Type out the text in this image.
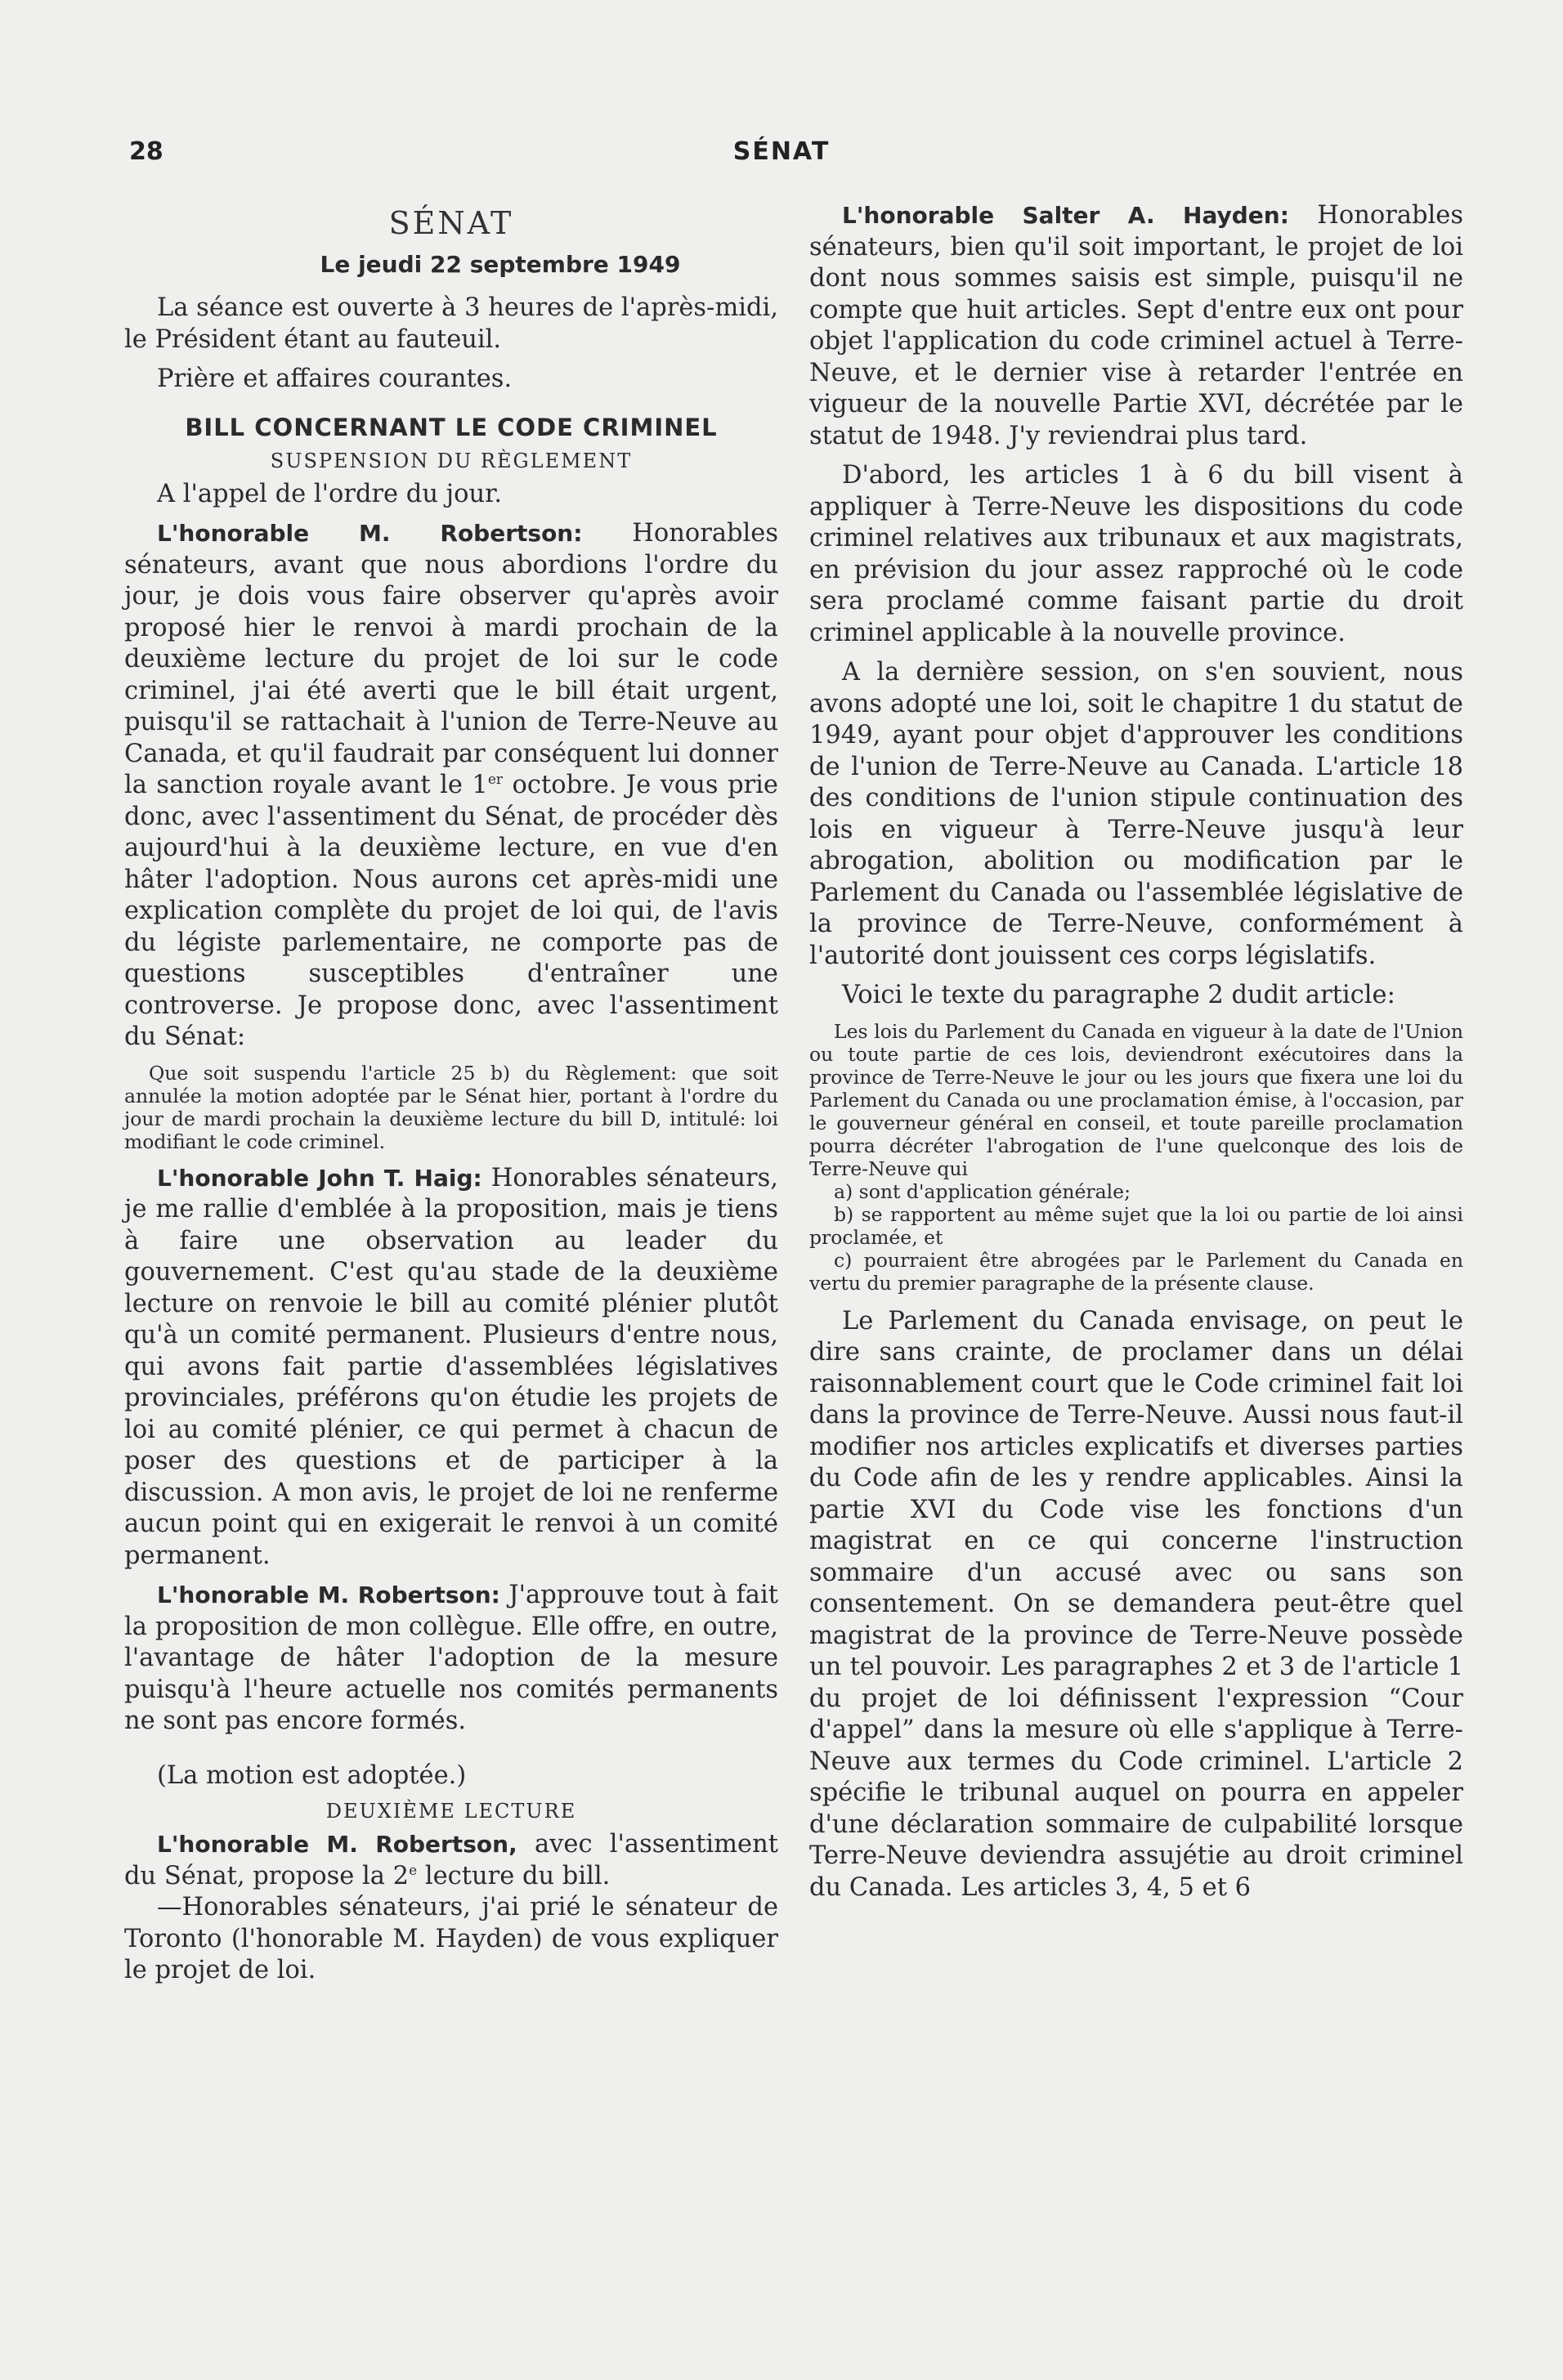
28	SÉNAT
SÉNAT
Le jeudi 22 septembre 1949

La séance est ouverte à 3 heures de l'après-midi, le Président étant au fauteuil.

Prière et affaires courantes.

BILL CONCERNANT LE CODE CRIMINEL
SUSPENSION DU RÈGLEMENT

A l'appel de l'ordre du jour.

L'honorable M. Robertson: Honorables sénateurs, avant que nous abordions l'ordre du jour, je dois vous faire observer qu'après avoir proposé hier le renvoi à mardi prochain de la deuxième lecture du projet de loi sur le code criminel, j'ai été averti que le bill était urgent, puisqu'il se rattachait à l'union de Terre-Neuve au Canada, et qu'il faudrait par conséquent lui donner la sanction royale avant le 1er octobre. Je vous prie donc, avec l'assentiment du Sénat, de procéder dès aujourd'hui à la deuxième lecture, en vue d'en hâter l'adoption. Nous aurons cet après-midi une explication complète du projet de loi qui, de l'avis du légiste parlementaire, ne comporte pas de questions susceptibles d'entraîner une controverse. Je propose donc, avec l'assentiment du Sénat:

Que soit suspendu l'article 25 b) du Règlement: que soit annulée la motion adoptée par le Sénat hier, portant à l'ordre du jour de mardi prochain la deuxième lecture du bill D, intitulé: loi modifiant le code criminel.

L'honorable John T. Haig: Honorables sénateurs, je me rallie d'emblée à la proposition, mais je tiens à faire une observation au leader du gouvernement. C'est qu'au stade de la deuxième lecture on renvoie le bill au comité plénier plutôt qu'à un comité permanent. Plusieurs d'entre nous, qui avons fait partie d'assemblées législatives provinciales, préférons qu'on étudie les projets de loi au comité plénier, ce qui permet à chacun de poser des questions et de participer à la discussion. A mon avis, le projet de loi ne renferme aucun point qui en exigerait le renvoi à un comité permanent.

L'honorable M. Robertson: J'approuve tout à fait la proposition de mon collègue. Elle offre, en outre, l'avantage de hâter l'adoption de la mesure puisqu'à l'heure actuelle nos comités permanents ne sont pas encore formés.

(La motion est adoptée.)

DEUXIÈME LECTURE

L'honorable M. Robertson, avec l'assentiment du Sénat, propose la 2e lecture du bill.

—Honorables sénateurs, j'ai prié le sénateur de Toronto (l'honorable M. Hayden) de vous expliquer le projet de loi.

L'honorable Salter A. Hayden: Honorables sénateurs, bien qu'il soit important, le projet de loi dont nous sommes saisis est simple, puisqu'il ne compte que huit articles. Sept d'entre eux ont pour objet l'application du code criminel actuel à Terre-Neuve, et le dernier vise à retarder l'entrée en vigueur de la nouvelle Partie XVI, décrétée par le statut de 1948. J'y reviendrai plus tard.

D'abord, les articles 1 à 6 du bill visent à appliquer à Terre-Neuve les dispositions du code criminel relatives aux tribunaux et aux magistrats, en prévision du jour assez rapproché où le code sera proclamé comme faisant partie du droit criminel applicable à la nouvelle province.

A la dernière session, on s'en souvient, nous avons adopté une loi, soit le chapitre 1 du statut de 1949, ayant pour objet d'approuver les conditions de l'union de Terre-Neuve au Canada. L'article 18 des conditions de l'union stipule continuation des lois en vigueur à Terre-Neuve jusqu'à leur abrogation, abolition ou modification par le Parlement du Canada ou l'assemblée législative de la province de Terre-Neuve, conformément à l'autorité dont jouissent ces corps législatifs.

Voici le texte du paragraphe 2 dudit article:

Les lois du Parlement du Canada en vigueur à la date de l'Union ou toute partie de ces lois, deviendront exécutoires dans la province de Terre-Neuve le jour ou les jours que fixera une loi du Parlement du Canada ou une proclamation émise, à l'occasion, par le gouverneur général en conseil, et toute pareille proclamation pourra décréter l'abrogation de l'une quelconque des lois de Terre-Neuve qui

a) sont d'application générale;

b) se rapportent au même sujet que la loi ou partie de loi ainsi proclamée, et

c) pourraient être abrogées par le Parlement du Canada en vertu du premier paragraphe de la présente clause.

Le Parlement du Canada envisage, on peut le dire sans crainte, de proclamer dans un délai raisonnablement court que le Code criminel fait loi dans la province de Terre-Neuve. Aussi nous faut-il modifier nos articles explicatifs et diverses parties du Code afin de les y rendre applicables. Ainsi la partie XVI du Code vise les fonctions d'un magistrat en ce qui concerne l'instruction sommaire d'un accusé avec ou sans son consentement. On se demandera peut-être quel magistrat de la province de Terre-Neuve possède un tel pouvoir. Les paragraphes 2 et 3 de l'article 1 du projet de loi définissent l'expression “Cour d'appel” dans la mesure où elle s'applique à Terre-Neuve aux termes du Code criminel. L'article 2 spécifie le tribunal auquel on pourra en appeler d'une déclaration sommaire de culpabilité lorsque Terre-Neuve deviendra assujétie au droit criminel du Canada. Les articles 3, 4, 5 et 6
